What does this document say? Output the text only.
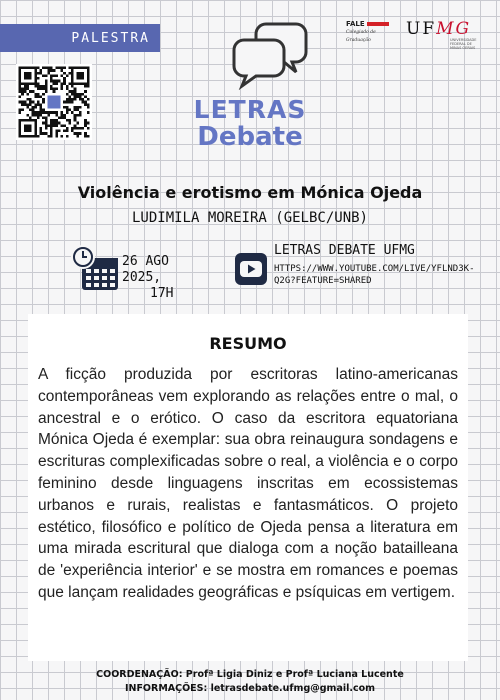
PALESTRA
FALE
Colegiado de
Graduação
UFMG
UNIVERSIDADE FEDERAL DE MINAS GERAIS
LETRAS
Debate
Violência e erotismo em Mónica Ojeda
LUDIMILA MOREIRA (GELBC/UNB)
26 AGO 2025,
17H
LETRAS DEBATE UFMG
HTTPS://WWW.YOUTUBE.COM/LIVE/YFLND3K-Q2G?FEATURE=SHARED
RESUMO
A ficção produzida por escritoras latino-americanas contemporâneas vem explorando as relações entre o mal, o ancestral e o erótico. O caso da escritora equatoriana Mónica Ojeda é exemplar: sua obra reinaugura sondagens e escrituras complexificadas sobre o real, a violência e o corpo feminino desde linguagens inscritas em ecossistemas urbanos e rurais, realistas e fantasmáticos. O projeto estético, filosófico e político de Ojeda pensa a literatura em uma mirada escritural que dialoga com a noção batailleana de 'experiência interior' e se mostra em romances e poemas que lançam realidades geográficas e psíquicas em vertigem.
COORDENAÇÃO: Profª Ligia Diniz e Profª Luciana Lucente
INFORMAÇÕES: letrasdebate.ufmg@gmail.com
